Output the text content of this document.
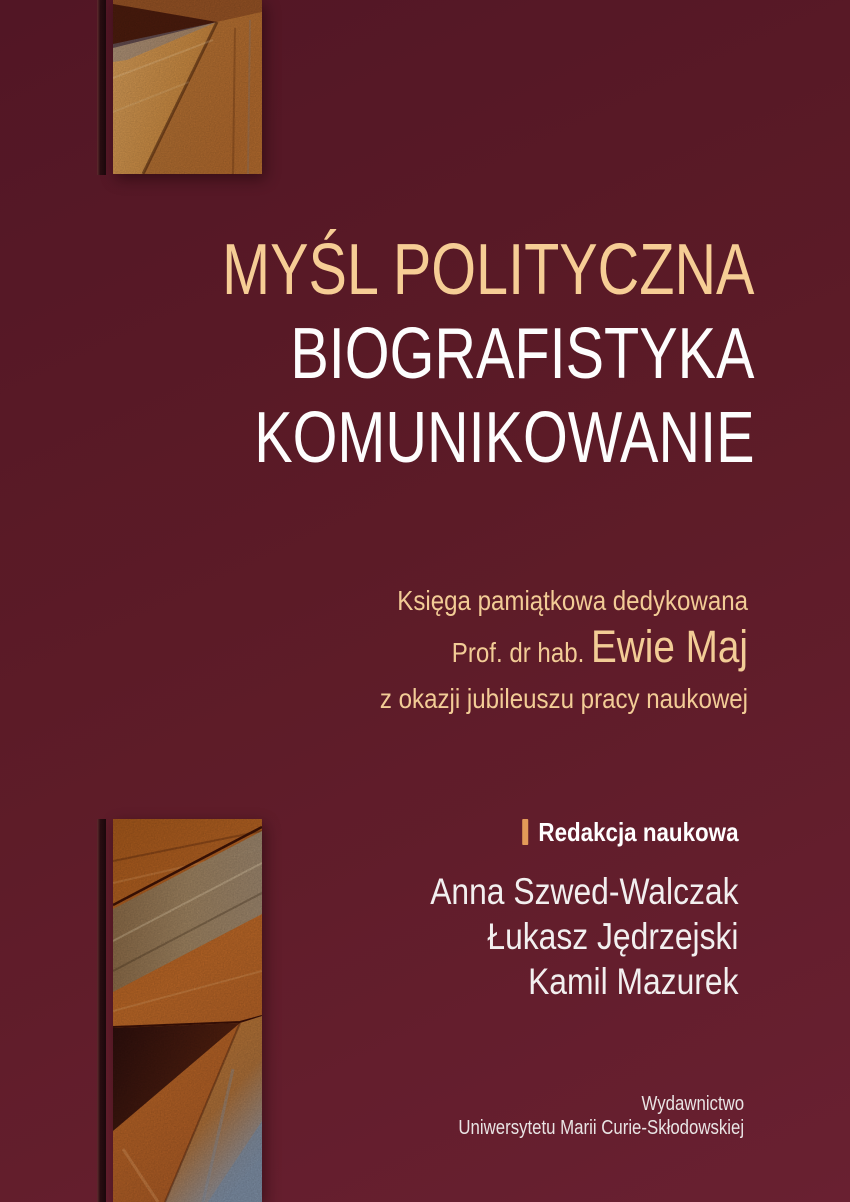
MYŚL POLITYCZNA
BIOGRAFISTYKA
KOMUNIKOWANIE
Księga pamiątkowa dedykowana
Prof. dr hab. Ewie Maj
z okazji jubileuszu pracy naukowej
Redakcja naukowa
Anna Szwed-Walczak
Łukasz Jędrzejski
Kamil Mazurek
Wydawnictwo
Uniwersytetu Marii Curie-Skłodowskiej
